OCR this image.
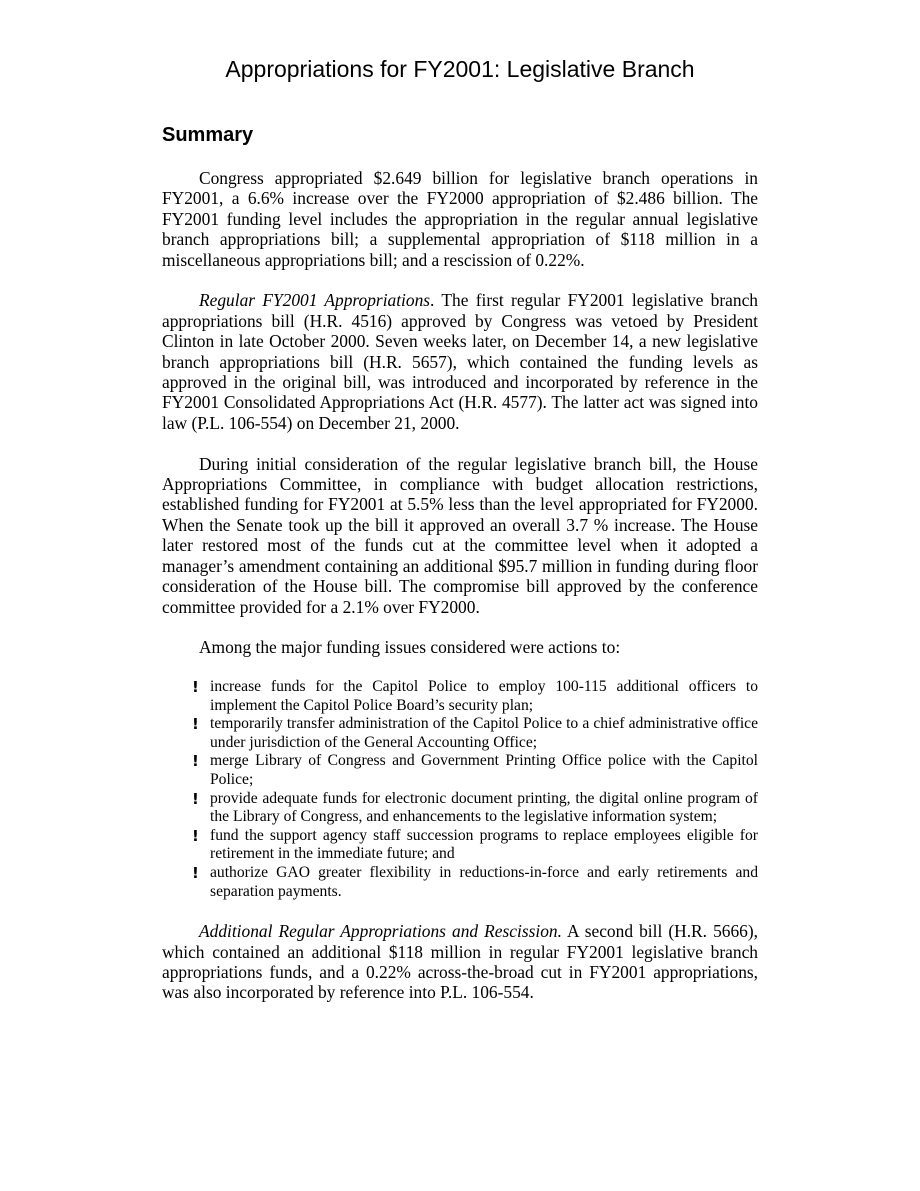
Appropriations for FY2001: Legislative Branch
Summary

Congress appropriated $2.649 billion for legislative branch operations in FY2001, a 6.6% increase over the FY2000 appropriation of $2.486 billion. The FY2001 funding level includes the appropriation in the regular annual legislative branch appropriations bill; a supplemental appropriation of $118 million in a miscellaneous appropriations bill; and a rescission of 0.22%.

Regular FY2001 Appropriations. The first regular FY2001 legislative branch appropriations bill (H.R. 4516) approved by Congress was vetoed by President Clinton in late October 2000. Seven weeks later, on December 14, a new legislative branch appropriations bill (H.R. 5657), which contained the funding levels as approved in the original bill, was introduced and incorporated by reference in the FY2001 Consolidated Appropriations Act (H.R. 4577). The latter act was signed into law (P.L. 106-554) on December 21, 2000.

During initial consideration of the regular legislative branch bill, the House Appropriations Committee, in compliance with budget allocation restrictions, established funding for FY2001 at 5.5% less than the level appropriated for FY2000. When the Senate took up the bill it approved an overall 3.7 % increase. The House later restored most of the funds cut at the committee level when it adopted a manager’s amendment containing an additional $95.7 million in funding during floor consideration of the House bill. The compromise bill approved by the conference committee provided for a 2.1% over FY2000.

Among the major funding issues considered were actions to:

! increase funds for the Capitol Police to employ 100-115 additional officers to implement the Capitol Police Board’s security plan;
! temporarily transfer administration of the Capitol Police to a chief administrative office under jurisdiction of the General Accounting Office;
! merge Library of Congress and Government Printing Office police with the Capitol Police;
! provide adequate funds for electronic document printing, the digital online program of the Library of Congress, and enhancements to the legislative information system;
! fund the support agency staff succession programs to replace employees eligible for retirement in the immediate future; and
! authorize GAO greater flexibility in reductions-in-force and early retirements and separation payments.

Additional Regular Appropriations and Rescission. A second bill (H.R. 5666), which contained an additional $118 million in regular FY2001 legislative branch appropriations funds, and a 0.22% across-the-broad cut in FY2001 appropriations, was also incorporated by reference into P.L. 106-554.
